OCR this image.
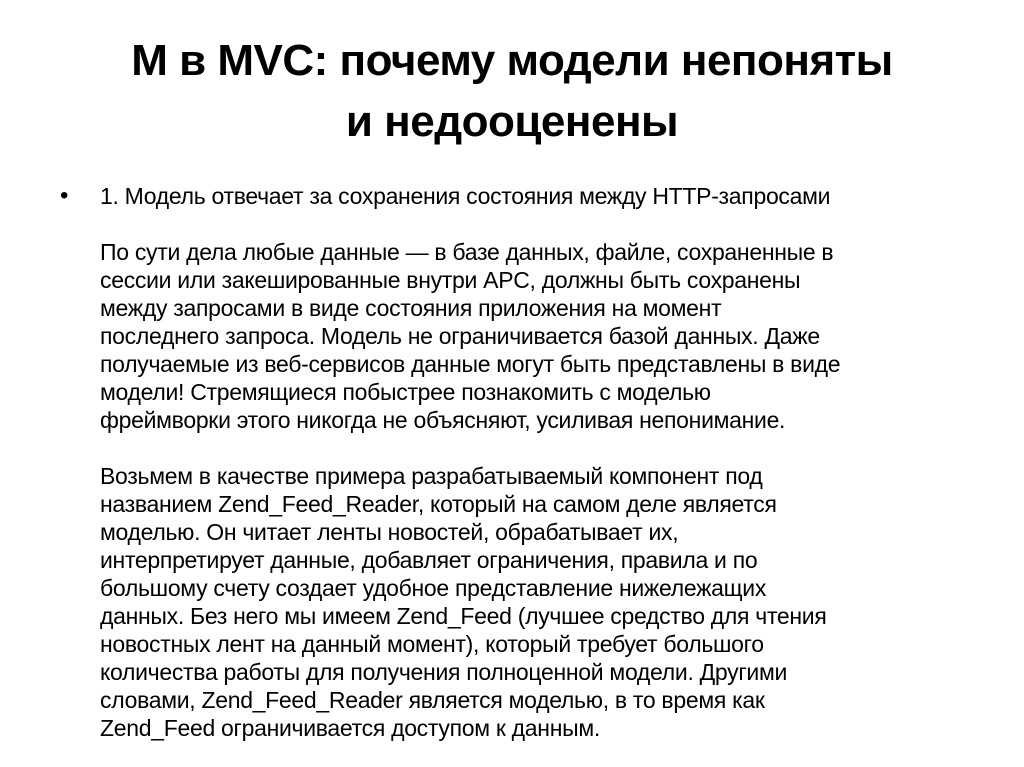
M в MVC: почему модели непоняты
и недооценены
• 1. Модель отвечает за сохранения состояния между HTTP-запросами
По сути дела любые данные — в базе данных, файле, сохраненные в
сессии или закешированные внутри APC, должны быть сохранены
между запросами в виде состояния приложения на момент
последнего запроса. Модель не ограничивается базой данных. Даже
получаемые из веб-сервисов данные могут быть представлены в виде
модели! Стремящиеся побыстрее познакомить с моделью
фреймворки этого никогда не объясняют, усиливая непонимание.
Возьмем в качестве примера разрабатываемый компонент под
названием Zend_Feed_Reader, который на самом деле является
моделью. Он читает ленты новостей, обрабатывает их,
интерпретирует данные, добавляет ограничения, правила и по
большому счету создает удобное представление нижележащих
данных. Без него мы имеем Zend_Feed (лучшее средство для чтения
новостных лент на данный момент), который требует большого
количества работы для получения полноценной модели. Другими
словами, Zend_Feed_Reader является моделью, в то время как
Zend_Feed ограничивается доступом к данным.
